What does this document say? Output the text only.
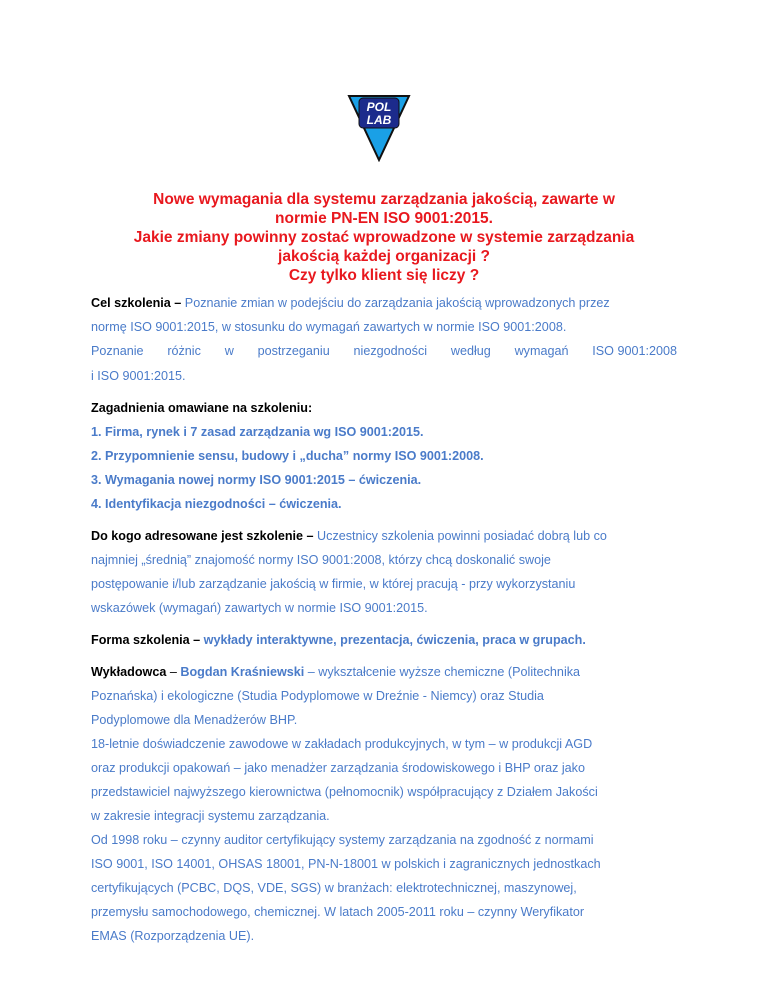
POL
LAB
Nowe wymagania dla systemu zarządzania jakością, zawarte w
normie PN-EN ISO 9001:2015.
Jakie zmiany powinny zostać wprowadzone w systemie zarządzania
jakością każdej organizacji ?
Czy tylko klient się liczy ?
Cel szkolenia – Poznanie zmian w podejściu do zarządzania jakością wprowadzonych przez
normę ISO 9001:2015, w stosunku do wymagań zawartych w normie ISO 9001:2008.
Poznanie różnic w postrzeganiu niezgodności według wymagań ISO 9001:2008
i ISO 9001:2015.
Zagadnienia omawiane na szkoleniu:
1. Firma, rynek i 7 zasad zarządzania wg ISO 9001:2015.
2. Przypomnienie sensu, budowy i „ducha” normy ISO 9001:2008.
3. Wymagania nowej normy ISO 9001:2015 – ćwiczenia.
4. Identyfikacja niezgodności – ćwiczenia.
Do kogo adresowane jest szkolenie – Uczestnicy szkolenia powinni posiadać dobrą lub co
najmniej „średnią” znajomość normy ISO 9001:2008, którzy chcą doskonalić swoje
postępowanie i/lub zarządzanie jakością w firmie, w której pracują - przy wykorzystaniu
wskazówek (wymagań) zawartych w normie ISO 9001:2015.
Forma szkolenia – wykłady interaktywne, prezentacja, ćwiczenia, praca w grupach.
Wykładowca – Bogdan Kraśniewski – wykształcenie wyższe chemiczne (Politechnika
Poznańska) i ekologiczne (Studia Podyplomowe w Dreźnie - Niemcy) oraz Studia
Podyplomowe dla Menadżerów BHP.
18-letnie doświadczenie zawodowe w zakładach produkcyjnych, w tym – w produkcji AGD
oraz produkcji opakowań – jako menadżer zarządzania środowiskowego i BHP oraz jako
przedstawiciel najwyższego kierownictwa (pełnomocnik) współpracujący z Działem Jakości
w zakresie integracji systemu zarządzania.
Od 1998 roku – czynny auditor certyfikujący systemy zarządzania na zgodność z normami
ISO 9001, ISO 14001, OHSAS 18001, PN-N-18001 w polskich i zagranicznych jednostkach
certyfikujących (PCBC, DQS, VDE, SGS) w branżach: elektrotechnicznej, maszynowej,
przemysłu samochodowego, chemicznej. W latach 2005-2011 roku – czynny Weryfikator
EMAS (Rozporządzenia UE).
